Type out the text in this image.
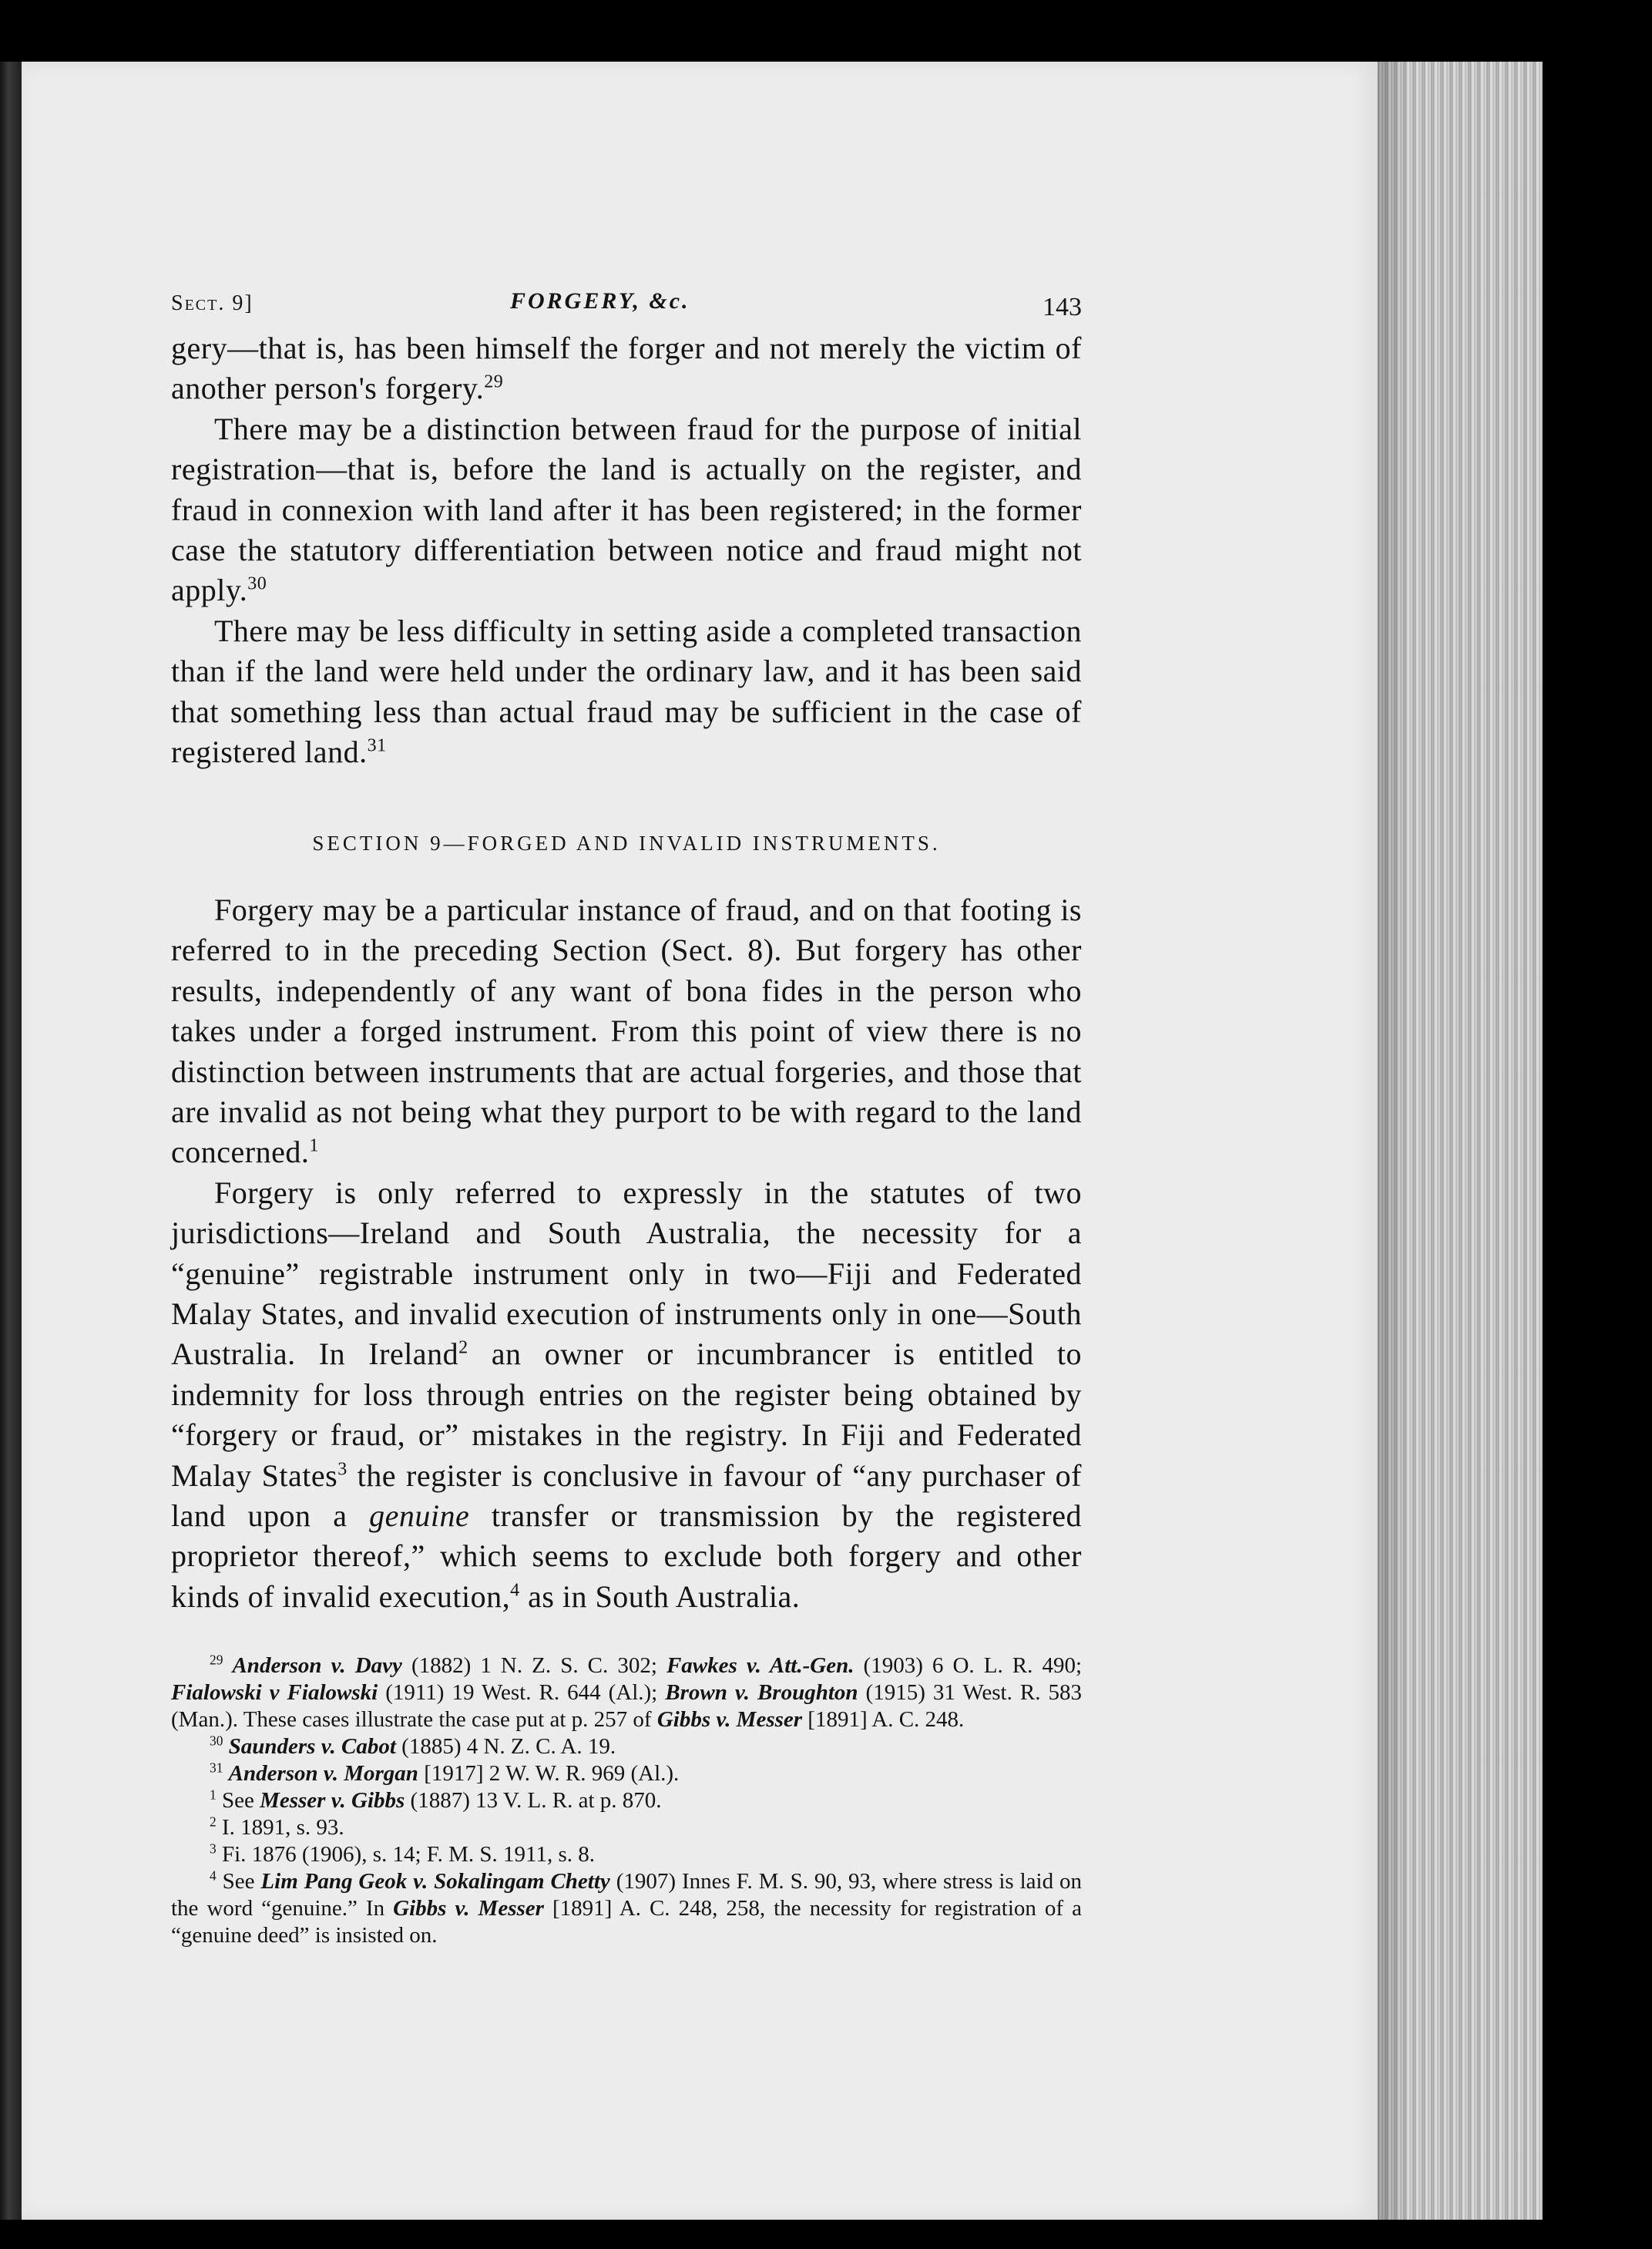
Sect. 9]	FORGERY, &c.	143

gery—that is, has been himself the forger and not merely the victim of another person's forgery.$^{29}$

There may be a distinction between fraud for the purpose of initial registration—that is, before the land is actually on the register, and fraud in connexion with land after it has been registered; in the former case the statutory differentiation between notice and fraud might not apply.$^{30}$

There may be less difficulty in setting aside a completed transaction than if the land were held under the ordinary law, and it has been said that something less than actual fraud may be sufficient in the case of registered land.$^{31}$

SECTION 9—FORGED AND INVALID INSTRUMENTS.

Forgery may be a particular instance of fraud, and on that footing is referred to in the preceding Section (Sect. 8). But forgery has other results, independently of any want of bona fides in the person who takes under a forged instrument. From this point of view there is no distinction between instruments that are actual forgeries, and those that are invalid as not being what they purport to be with regard to the land concerned.$^1$

Forgery is only referred to expressly in the statutes of two jurisdictions—Ireland and South Australia, the necessity for a “genuine” registrable instrument only in two—Fiji and Federated Malay States, and invalid execution of instruments only in one—South Australia. In Ireland$^2$ an owner or incumbrancer is entitled to indemnity for loss through entries on the register being obtained by “forgery or fraud, or” mistakes in the registry. In Fiji and Federated Malay States$^3$ the register is conclusive in favour of “any purchaser of land upon a genuine transfer or transmission by the registered proprietor thereof,” which seems to exclude both forgery and other kinds of invalid execution,$^4$ as in South Australia.

$^{29}$ Anderson v. Davy (1882) 1 N. Z. S. C. 302; Fawkes v. Att.-Gen. (1903) 6 O. L. R. 490; Fialowski v Fialowski (1911) 19 West. R. 644 (Al.); Brown v. Broughton (1915) 31 West. R. 583 (Man.). These cases illustrate the case put at p. 257 of Gibbs v. Messer [1891] A. C. 248.

$^{30}$ Saunders v. Cabot (1885) 4 N. Z. C. A. 19.

$^{31}$ Anderson v. Morgan [1917] 2 W. W. R. 969 (Al.).

$^1$ See Messer v. Gibbs (1887) 13 V. L. R. at p. 870.

$^2$ I. 1891, s. 93.

$^3$ Fi. 1876 (1906), s. 14; F. M. S. 1911, s. 8.

$^4$ See Lim Pang Geok v. Sokalingam Chetty (1907) Innes F. M. S. 90, 93, where stress is laid on the word “genuine.” In Gibbs v. Messer [1891] A. C. 248, 258, the necessity for registration of a “genuine deed” is insisted on.
